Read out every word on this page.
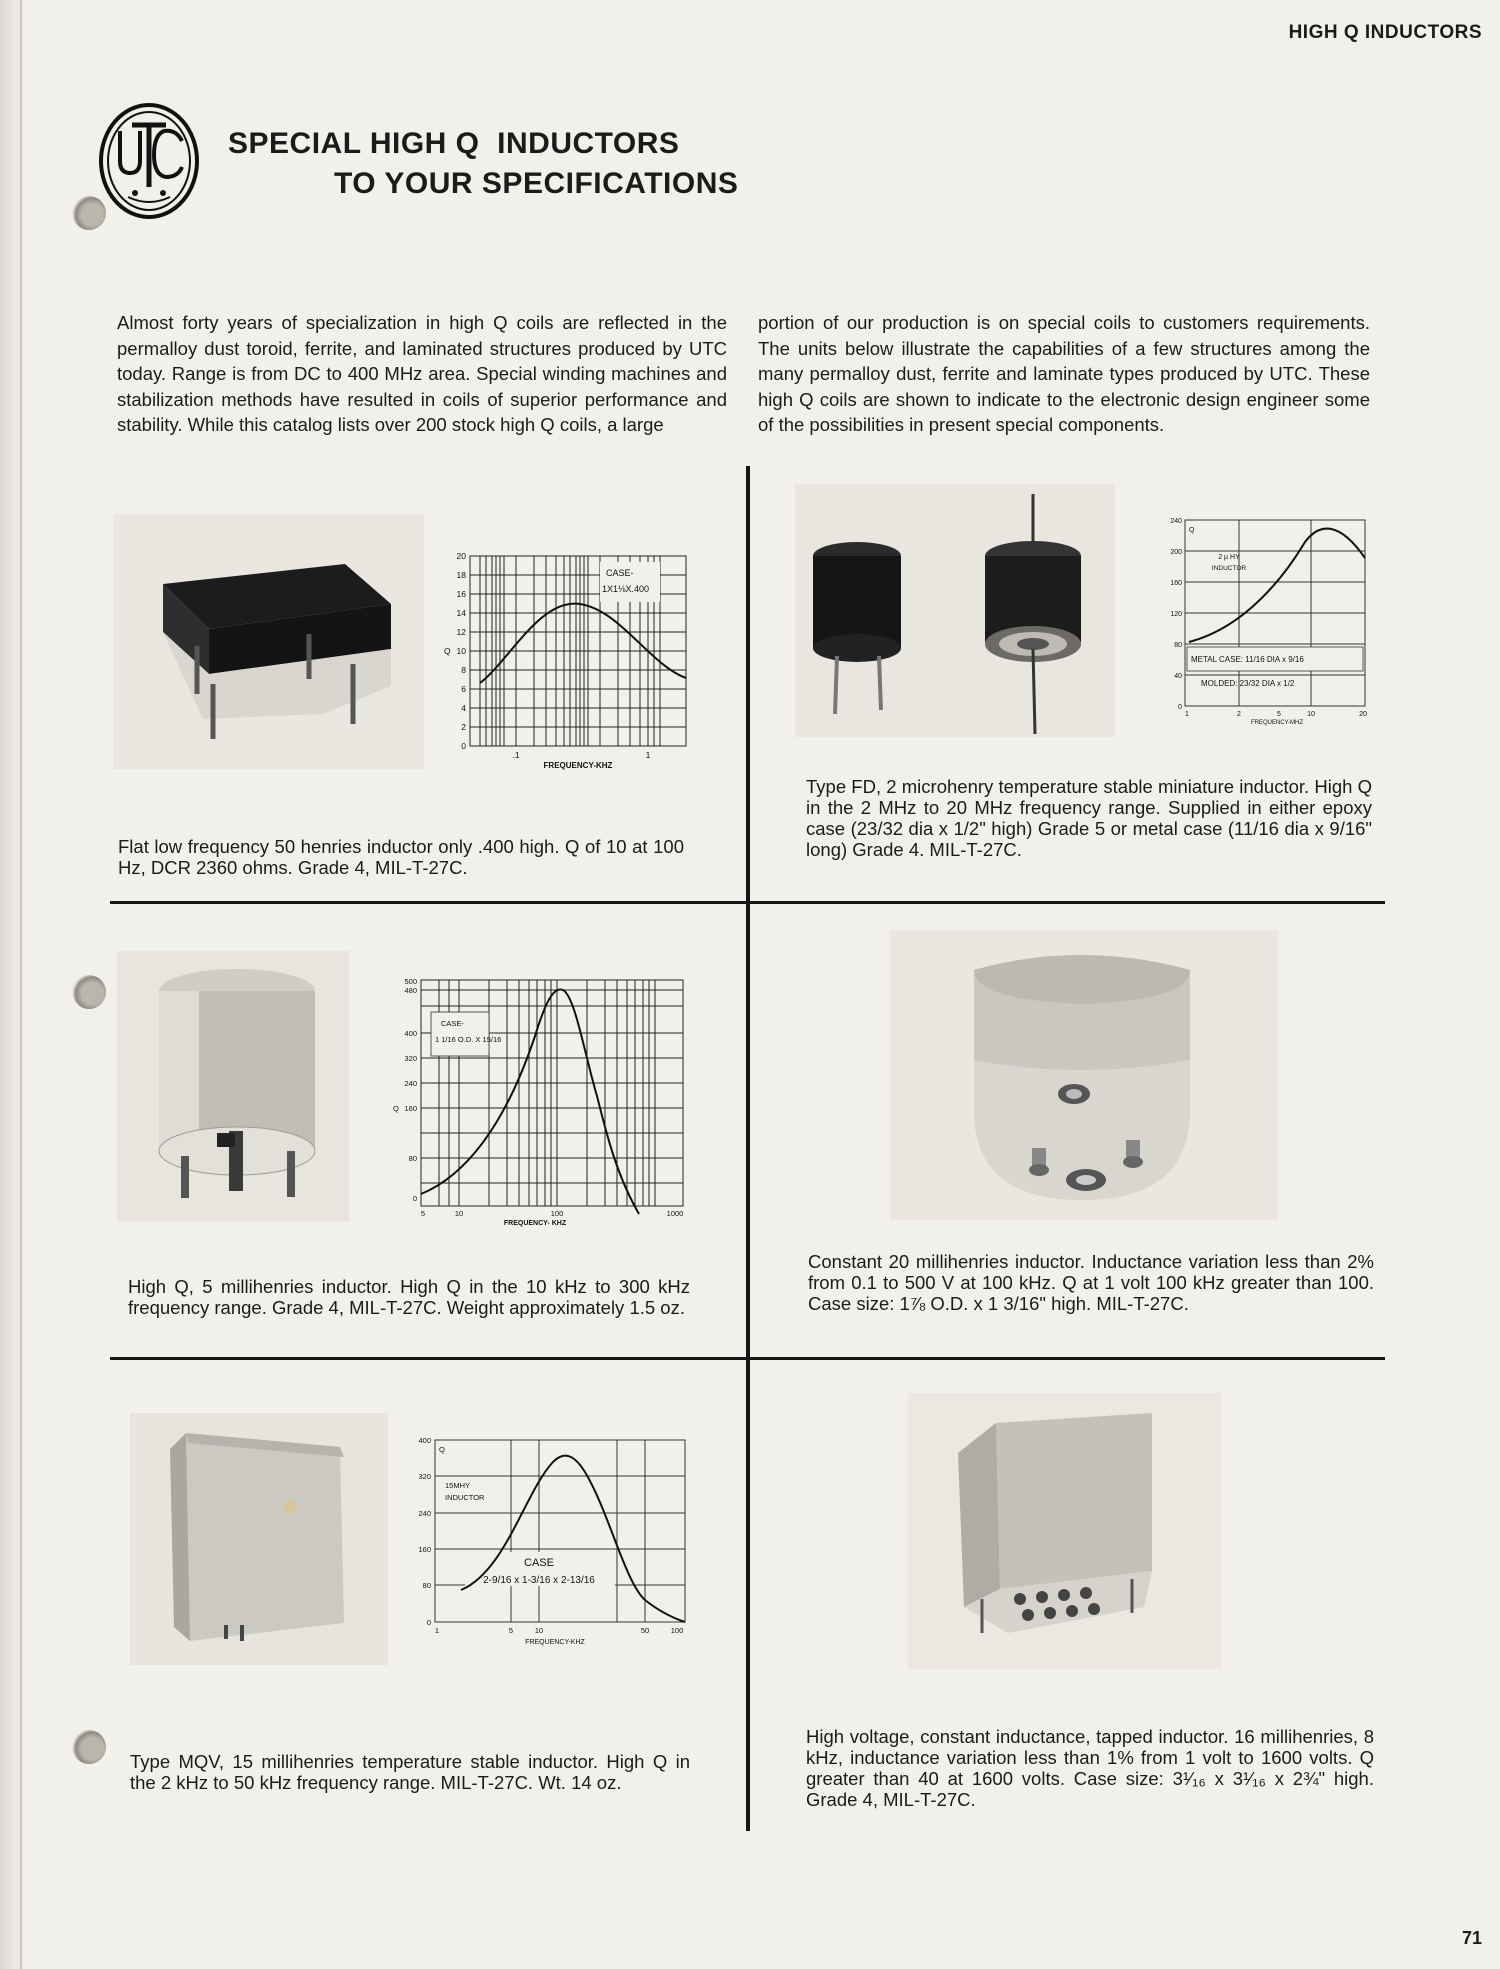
HIGH Q INDUCTORS
SPECIAL HIGH Q  INDUCTORS
TO YOUR SPECIFICATIONS
Almost forty years of specialization in high Q coils are reflected in the permalloy dust toroid, ferrite, and laminated structures produced by UTC today. Range is from DC to 400 MHz area. Special winding machines and stabilization methods have resulted in coils of superior performance and stability. While this catalog lists over 200 stock high Q coils, a large
portion of our production is on special coils to customers requirements. The units below illustrate the capabilities of a few structures among the many permalloy dust, ferrite and laminate types produced by UTC. These high Q coils are shown to indicate to the electronic design engineer some of the possibilities in present special components.
CASE-
1X1⅛X.400
0
2
4
6
8
10
12
14
16
18
20
Q
.1	1
FREQUENCY-KHZ
Flat low frequency 50 henries inductor only .400 high. Q of 10 at 100 Hz, DCR 2360 ohms. Grade 4, MIL-T-27C.
2 µ HY
INDUCTOR
METAL CASE: 11/16 DIA x 9/16
MOLDED: 23/32 DIA x 1/2
0
40
80
120
160
200
240
Q
1	2	5	10	20
FREQUENCY-MHZ
Type FD, 2 microhenry temperature stable miniature inductor. High Q in the 2 MHz to 20 MHz frequency range. Supplied in either epoxy case (23/32 dia x 1/2" high) Grade 5 or metal case (11/16 dia x 9/16" long) Grade 4. MIL-T-27C.
CASE-
1 1/16 O.D. X 15/16
0
80
160
240
320
400
480
500
Q
5	10	100	1000
FREQUENCY- KHZ
High Q, 5 millihenries inductor. High Q in the 10 kHz to 300 kHz frequency range. Grade 4, MIL-T-27C. Weight approximately 1.5 oz.
Constant 20 millihenries inductor. Inductance variation less than 2% from 0.1 to 500 V at 100 kHz. Q at 1 volt 100 kHz greater than 100. Case size: 1⅞ O.D. x 1 3/16" high. MIL-T-27C.
15MHY
INDUCTOR
CASE
2-9/16 x 1-3/16 x 2-13/16
0
80
160
240
320
400
Q
1	5	10	50	100
FREQUENCY-KHZ
Type MQV, 15 millihenries temperature stable inductor. High Q in the 2 kHz to 50 kHz frequency range. MIL-T-27C. Wt. 14 oz.
High voltage, constant inductance, tapped inductor. 16 millihenries, 8 kHz, inductance variation less than 1% from 1 volt to 1600 volts. Q greater than 40 at 1600 volts. Case size: 3¹⁄₁₆ x 3¹⁄₁₆ x 2¾" high. Grade 4, MIL-T-27C.
71
